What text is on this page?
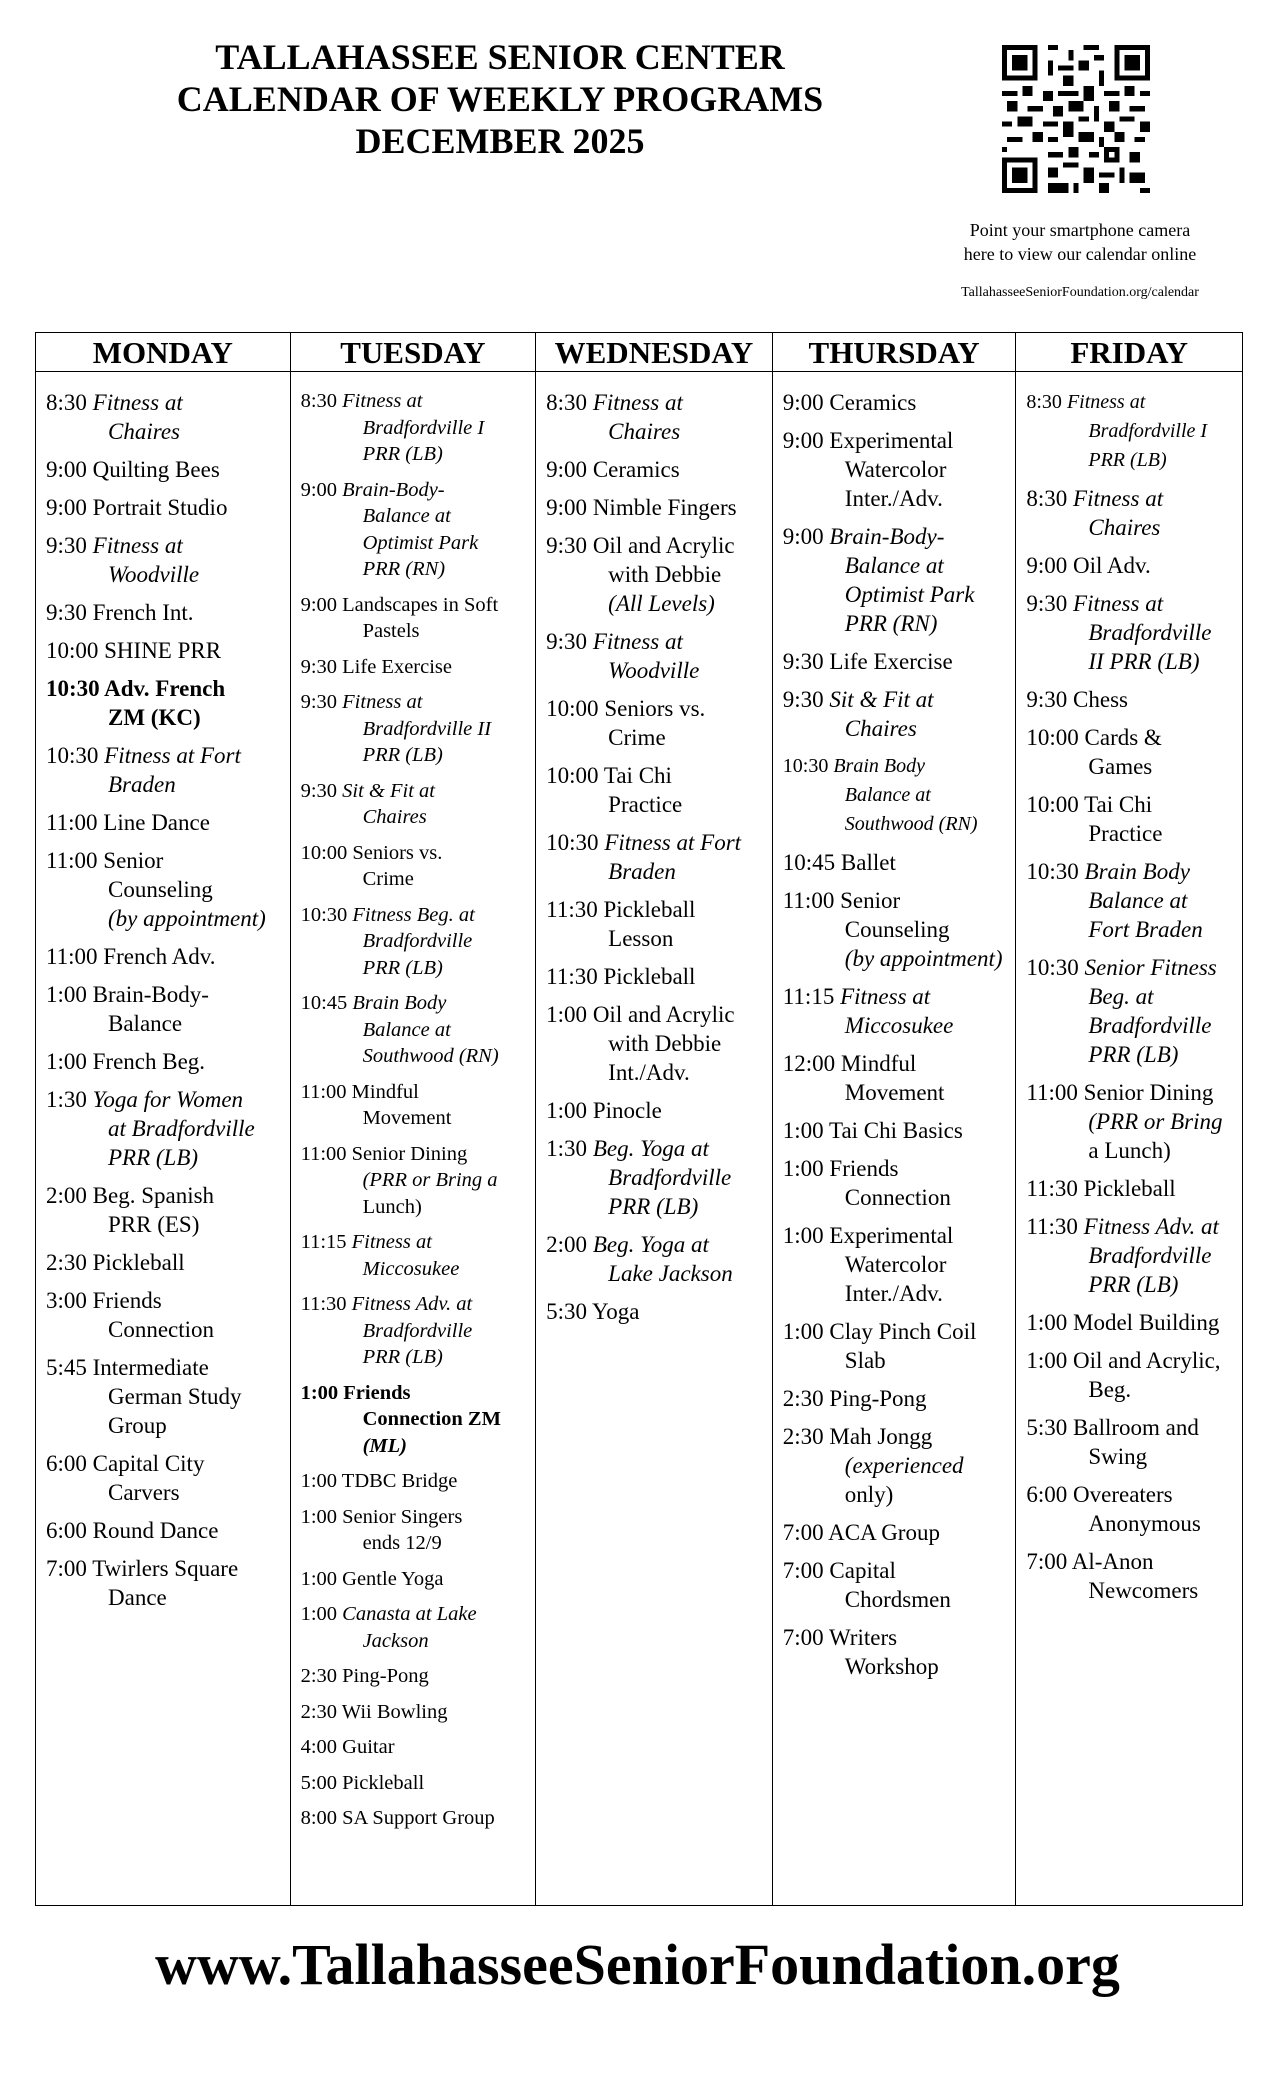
TALLAHASSEE SENIOR CENTER

CALENDAR OF WEEKLY PROGRAMS

DECEMBER 2025

Point your smartphone camera
here to view our calendar online
TallahasseeSeniorFoundation.org/calendar
MONDAY
8:30 Fitness at
Chaires
9:00 Quilting Bees
9:00 Portrait Studio
9:30 Fitness at
Woodville
9:30 French Int.
10:00 SHINE PRR
10:30 Adv. French
ZM (KC)
10:30 Fitness at Fort
Braden
11:00 Line Dance
11:00 Senior
Counseling
(by appointment)
11:00 French Adv.
1:00 Brain-Body-
Balance
1:00 French Beg.
1:30 Yoga for Women
at Bradfordville
PRR (LB)
2:00 Beg. Spanish
PRR (ES)
2:30 Pickleball
3:00 Friends
Connection
5:45 Intermediate
German Study
Group
6:00 Capital City
Carvers
6:00 Round Dance
7:00 Twirlers Square
Dance
TUESDAY
8:30 Fitness at
Bradfordville I
PRR (LB)
9:00 Brain-Body-
Balance at
Optimist Park
PRR (RN)
9:00 Landscapes in Soft
Pastels
9:30 Life Exercise
9:30 Fitness at
Bradfordville II
PRR (LB)
9:30 Sit & Fit at
Chaires
10:00 Seniors vs.
Crime
10:30 Fitness Beg. at
Bradfordville
PRR (LB)
10:45 Brain Body
Balance at
Southwood (RN)
11:00 Mindful
Movement
11:00 Senior Dining
(PRR or Bring a
Lunch)
11:15 Fitness at
Miccosukee
11:30 Fitness Adv. at
Bradfordville
PRR (LB)
1:00 Friends
Connection ZM
(ML)
1:00 TDBC Bridge
1:00 Senior Singers
ends 12/9
1:00 Gentle Yoga
1:00 Canasta at Lake
Jackson
2:30 Ping-Pong
2:30 Wii Bowling
4:00 Guitar
5:00 Pickleball
8:00 SA Support Group
WEDNESDAY
8:30 Fitness at
Chaires
9:00 Ceramics
9:00 Nimble Fingers
9:30 Oil and Acrylic
with Debbie
(All Levels)
9:30 Fitness at
Woodville
10:00 Seniors vs.
Crime
10:00 Tai Chi
Practice
10:30 Fitness at Fort
Braden
11:30 Pickleball
Lesson
11:30 Pickleball
1:00 Oil and Acrylic
with Debbie
Int./Adv.
1:00 Pinocle
1:30 Beg. Yoga at
Bradfordville
PRR (LB)
2:00 Beg. Yoga at
Lake Jackson
5:30 Yoga
THURSDAY
9:00 Ceramics
9:00 Experimental
Watercolor
Inter./Adv.
9:00 Brain-Body-
Balance at
Optimist Park
PRR (RN)
9:30 Life Exercise
9:30 Sit & Fit at
Chaires
10:30 Brain Body
Balance at
Southwood (RN)
10:45 Ballet
11:00 Senior
Counseling
(by appointment)
11:15 Fitness at
Miccosukee
12:00 Mindful
Movement
1:00 Tai Chi Basics
1:00 Friends
Connection
1:00 Experimental
Watercolor
Inter./Adv.
1:00 Clay Pinch Coil
Slab
2:30 Ping-Pong
2:30 Mah Jongg
(experienced
only)
7:00 ACA Group
7:00 Capital
Chordsmen
7:00 Writers
Workshop
FRIDAY
8:30 Fitness at
Bradfordville I
PRR (LB)
8:30 Fitness at
Chaires
9:00 Oil Adv.
9:30 Fitness at
Bradfordville
II PRR (LB)
9:30 Chess
10:00 Cards &
Games
10:00 Tai Chi
Practice
10:30 Brain Body
Balance at
Fort Braden
10:30 Senior Fitness
Beg. at
Bradfordville
PRR (LB)
11:00 Senior Dining
(PRR or Bring
a Lunch)
11:30 Pickleball
11:30 Fitness Adv. at
Bradfordville
PRR (LB)
1:00 Model Building
1:00 Oil and Acrylic,
Beg.
5:30 Ballroom and
Swing
6:00 Overeaters
Anonymous
7:00 Al-Anon
Newcomers
www.TallahasseeSeniorFoundation.org
